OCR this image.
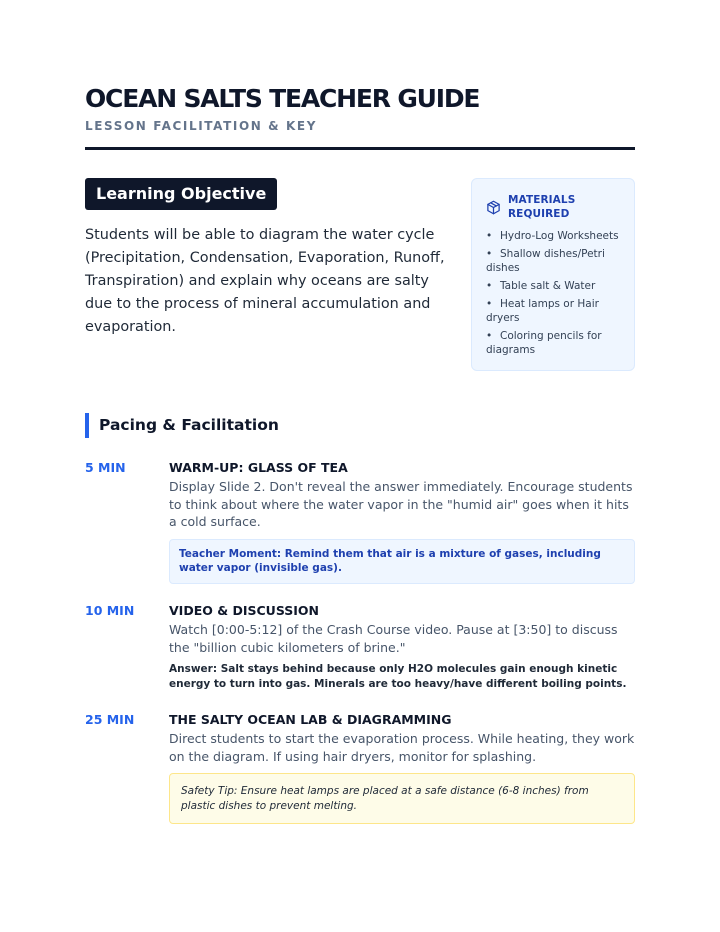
OCEAN SALTS TEACHER GUIDE
LESSON FACILITATION & KEY
Learning Objective

Students will be able to diagram the water cycle (Precipitation, Condensation, Evaporation, Runoff, Transpiration) and explain why oceans are salty due to the process of mineral accumulation and evaporation.

MATERIALS REQUIRED
• Hydro-Log Worksheets
• Shallow dishes/Petri dishes
• Table salt & Water
• Heat lamps or Hair dryers
• Coloring pencils for diagrams
Pacing & Facilitation
5 MIN	WARM-UP: GLASS OF TEA
Display Slide 2. Don't reveal the answer immediately. Encourage students to think about where the water vapor in the "humid air" goes when it hits a cold surface.
Teacher Moment: Remind them that air is a mixture of gases, including water vapor (invisible gas).
10 MIN	VIDEO & DISCUSSION
Watch [0:00-5:12] of the Crash Course video. Pause at [3:50] to discuss the "billion cubic kilometers of brine."
Answer: Salt stays behind because only H2O molecules gain enough kinetic energy to turn into gas. Minerals are too heavy/have different boiling points.
25 MIN	THE SALTY OCEAN LAB & DIAGRAMMING
Direct students to start the evaporation process. While heating, they work on the diagram. If using hair dryers, monitor for splashing.
Safety Tip: Ensure heat lamps are placed at a safe distance (6-8 inches) from plastic dishes to prevent melting.
